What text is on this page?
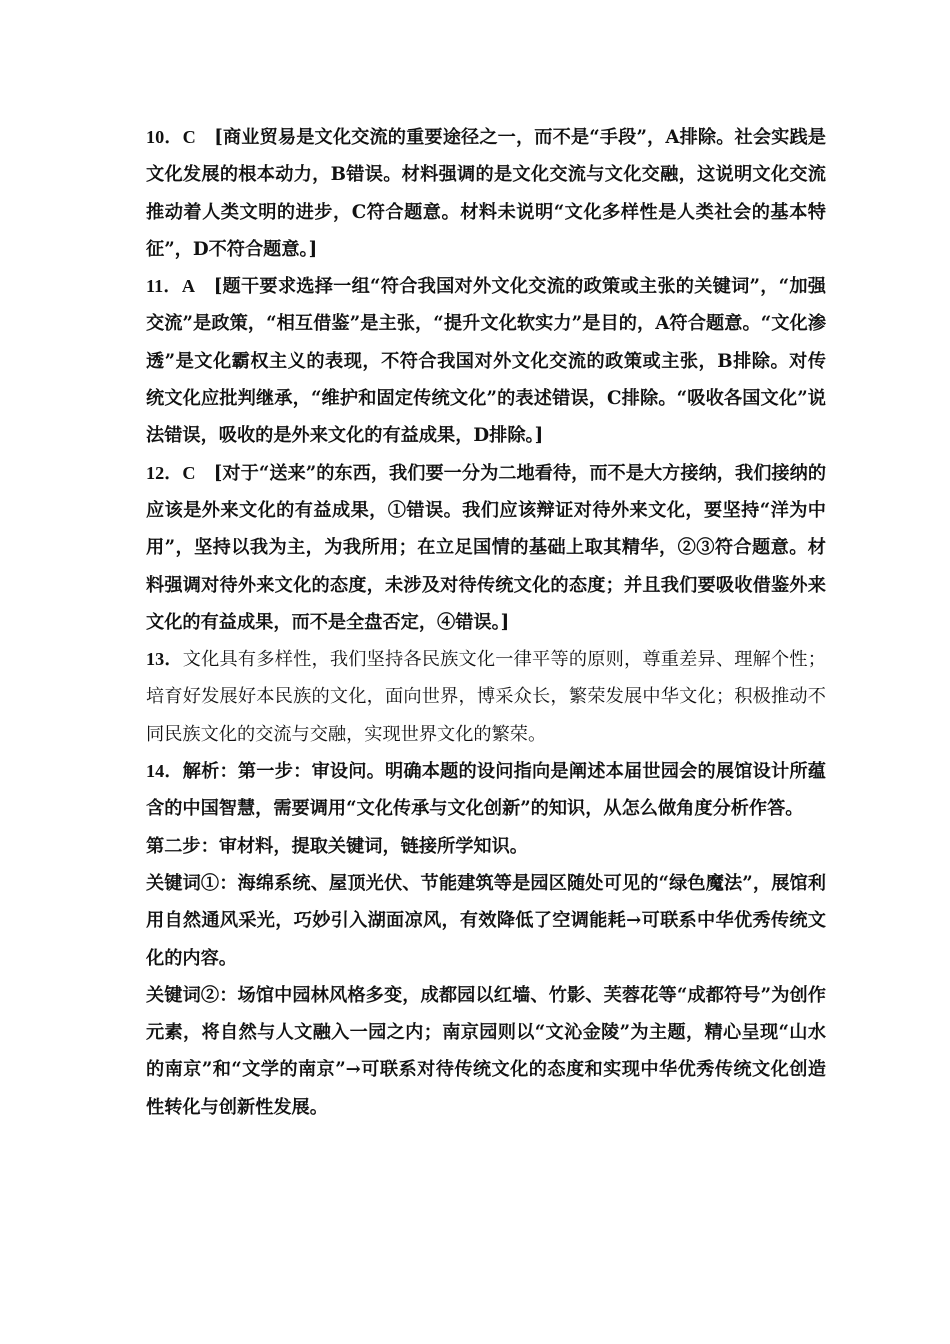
10．C　[商业贸易是文化交流的重要途径之一，而不是“手段”，A排除。社会实践是文化发展的根本动力，B错误。材料强调的是文化交流与文化交融，这说明文化交流推动着人类文明的进步，C符合题意。材料未说明“文化多样性是人类社会的基本特征”，D不符合题意。]

11．A　[题干要求选择一组“符合我国对外文化交流的政策或主张的关键词”，“加强交流”是政策，“相互借鉴”是主张，“提升文化软实力”是目的，A符合题意。“文化渗透”是文化霸权主义的表现，不符合我国对外文化交流的政策或主张，B排除。对传统文化应批判继承，“维护和固定传统文化”的表述错误，C排除。“吸收各国文化”说法错误，吸收的是外来文化的有益成果，D排除。]

12．C　[对于“送来”的东西，我们要一分为二地看待，而不是大方接纳，我们接纳的应该是外来文化的有益成果，①错误。我们应该辩证对待外来文化，要坚持“洋为中用”，坚持以我为主，为我所用；在立足国情的基础上取其精华，②③符合题意。材料强调对待外来文化的态度，未涉及对待传统文化的态度；并且我们要吸收借鉴外来文化的有益成果，而不是全盘否定，④错误。]

13．文化具有多样性，我们坚持各民族文化一律平等的原则，尊重差异、理解个性；培育好发展好本民族的文化，面向世界，博采众长，繁荣发展中华文化；积极推动不同民族文化的交流与交融，实现世界文化的繁荣。

14．解析：第一步：审设问。明确本题的设问指向是阐述本届世园会的展馆设计所蕴含的中国智慧，需要调用“文化传承与文化创新”的知识，从怎么做角度分析作答。

第二步：审材料，提取关键词，链接所学知识。

关键词①：海绵系统、屋顶光伏、节能建筑等是园区随处可见的“绿色魔法”，展馆利用自然通风采光，巧妙引入湖面凉风，有效降低了空调能耗→可联系中华优秀传统文化的内容。

关键词②：场馆中园林风格多变，成都园以红墙、竹影、芙蓉花等“成都符号”为创作元素，将自然与人文融入一园之内；南京园则以“文沁金陵”为主题，精心呈现“山水的南京”和“文学的南京”→可联系对待传统文化的态度和实现中华优秀传统文化创造性转化与创新性发展。
